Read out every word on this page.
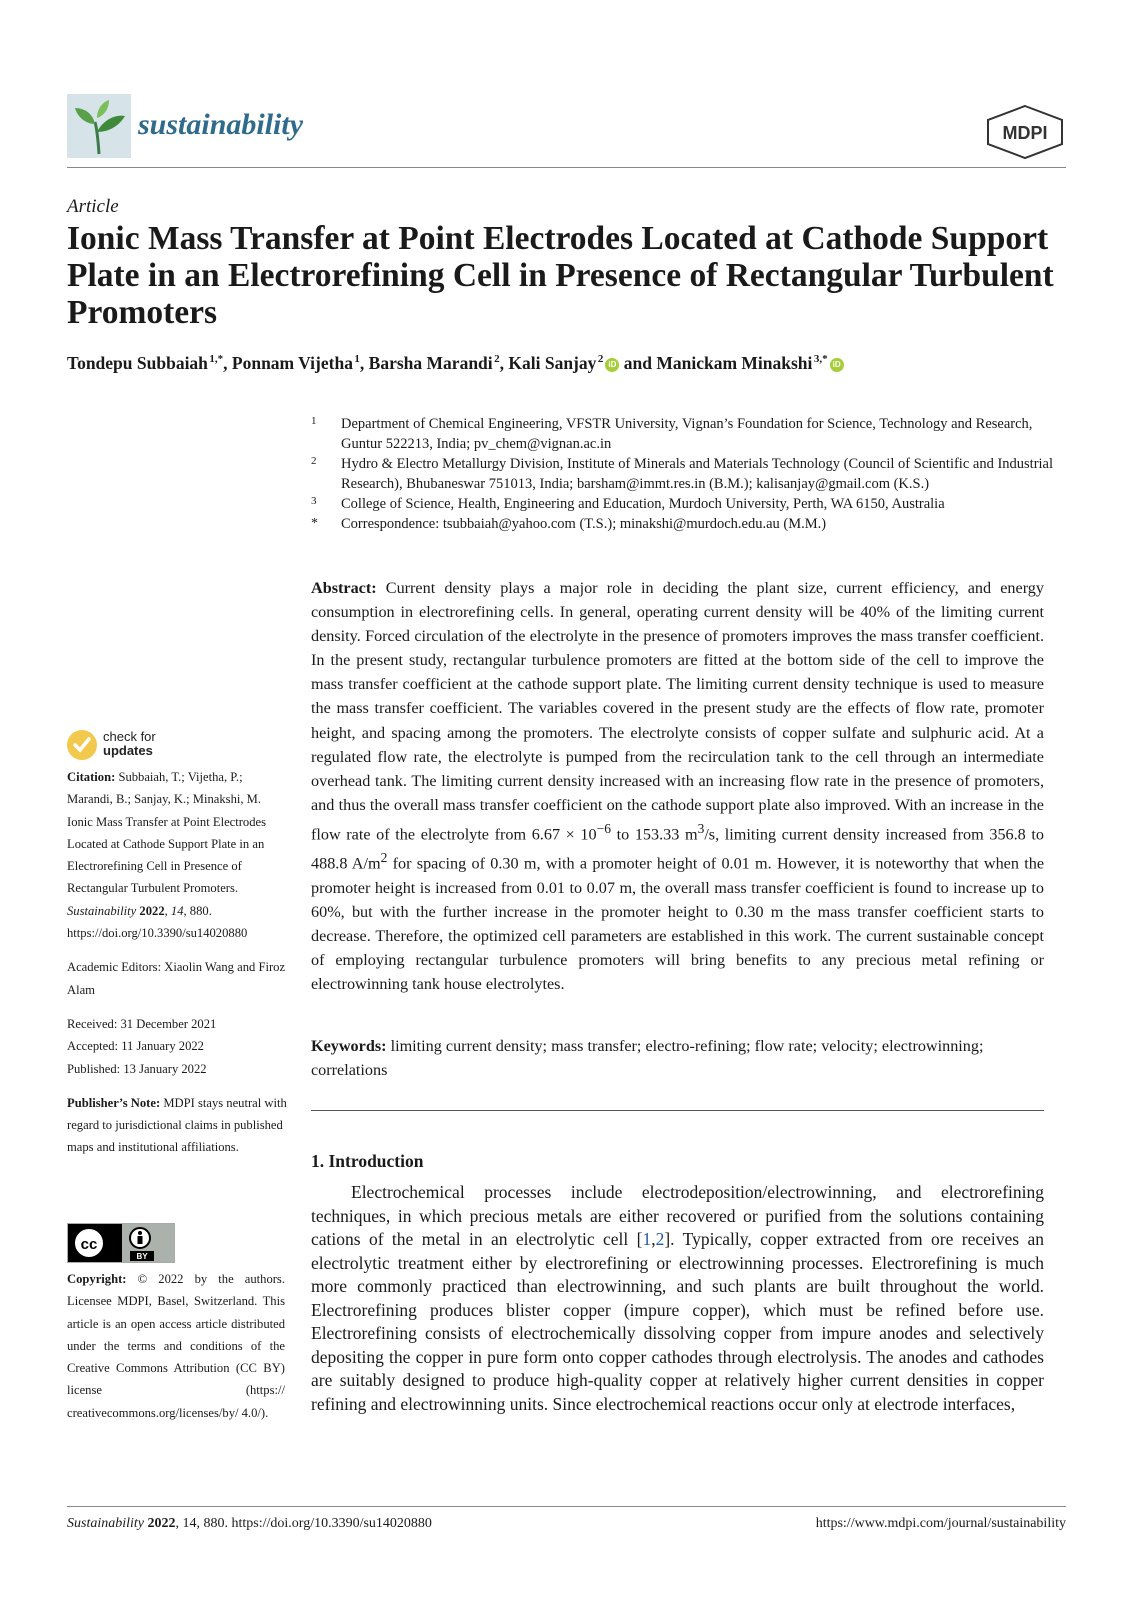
sustainability	MDPI
Article
Ionic Mass Transfer at Point Electrodes Located at Cathode Support Plate in an Electrorefining Cell in Presence of Rectangular Turbulent Promoters
Tondepu Subbaiah $^{1,*}$, Ponnam Vijetha $^1$, Barsha Marandi $^2$, Kali Sanjay $^2$ iD and Manickam Minakshi $^{3,*}$ iD
1 Department of Chemical Engineering, VFSTR University, Vignan’s Foundation for Science, Technology and Research, Guntur 522213, India; pv_chem@vignan.ac.in
2 Hydro & Electro Metallurgy Division, Institute of Minerals and Materials Technology (Council of Scientific and Industrial Research), Bhubaneswar 751013, India; barsham@immt.res.in (B.M.); kalisanjay@gmail.com (K.S.)
3 College of Science, Health, Engineering and Education, Murdoch University, Perth, WA 6150, Australia
* Correspondence: tsubbaiah@yahoo.com (T.S.); minakshi@murdoch.edu.au (M.M.)

Abstract: Current density plays a major role in deciding the plant size, current efficiency, and energy consumption in electrorefining cells. In general, operating current density will be 40% of the limiting current density. Forced circulation of the electrolyte in the presence of promoters improves the mass transfer coefficient. In the present study, rectangular turbulence promoters are fitted at the bottom side of the cell to improve the mass transfer coefficient at the cathode support plate. The limiting current density technique is used to measure the mass transfer coefficient. The variables covered in the present study are the effects of flow rate, promoter height, and spacing among the promoters. The electrolyte consists of copper sulfate and sulphuric acid. At a regulated flow rate, the electrolyte is pumped from the recirculation tank to the cell through an intermediate overhead tank. The limiting current density increased with an increasing flow rate in the presence of promoters, and thus the overall mass transfer coefficient on the cathode support plate also improved. With an increase in the flow rate of the electrolyte from $6.67 \times 10^{-6}$ to 153.33 $m^3/s$, limiting current density increased from 356.8 to 488.8 $A/m^2$ for spacing of 0.30 m, with a promoter height of 0.01 m. However, it is noteworthy that when the promoter height is increased from 0.01 to 0.07 m, the overall mass transfer coefficient is found to increase up to 60%, but with the further increase in the promoter height to 0.30 m the mass transfer coefficient starts to decrease. Therefore, the optimized cell parameters are established in this work. The current sustainable concept of employing rectangular turbulence promoters will bring benefits to any precious metal refining or electrowinning tank house electrolytes.

Keywords: limiting current density; mass transfer; electro-refining; flow rate; velocity; electrowinning; correlations

1. Introduction

Electrochemical processes include electrodeposition/electrowinning, and electrorefining techniques, in which precious metals are either recovered or purified from the solutions containing cations of the metal in an electrolytic cell [1,2]. Typically, copper extracted from ore receives an electrolytic treatment either by electrorefining or electrowinning processes. Electrorefining is much more commonly practiced than electrowinning, and such plants are built throughout the world. Electrorefining produces blister copper (impure copper), which must be refined before use. Electrorefining consists of electrochemically dissolving copper from impure anodes and selectively depositing the copper in pure form onto copper cathodes through electrolysis. The anodes and cathodes are suitably designed to produce high-quality copper at relatively higher current densities in copper refining and electrowinning units. Since electrochemical reactions occur only at electrode interfaces,

check for
updates

Citation: Subbaiah, T.; Vijetha, P.; Marandi, B.; Sanjay, K.; Minakshi, M. Ionic Mass Transfer at Point Electrodes Located at Cathode Support Plate in an Electrorefining Cell in Presence of Rectangular Turbulent Promoters. Sustainability 2022, 14, 880. https://doi.org/10.3390/su14020880

Academic Editors: Xiaolin Wang and Firoz Alam

Received: 31 December 2021
Accepted: 11 January 2022
Published: 13 January 2022

Publisher’s Note: MDPI stays neutral with regard to jurisdictional claims in published maps and institutional affiliations.

cc
BY

Copyright: © 2022 by the authors. Licensee MDPI, Basel, Switzerland. This article is an open access article distributed under the terms and conditions of the Creative Commons Attribution (CC BY) license (https:// creativecommons.org/licenses/by/ 4.0/).

Sustainability 2022, 14, 880. https://doi.org/10.3390/su14020880	https://www.mdpi.com/journal/sustainability
